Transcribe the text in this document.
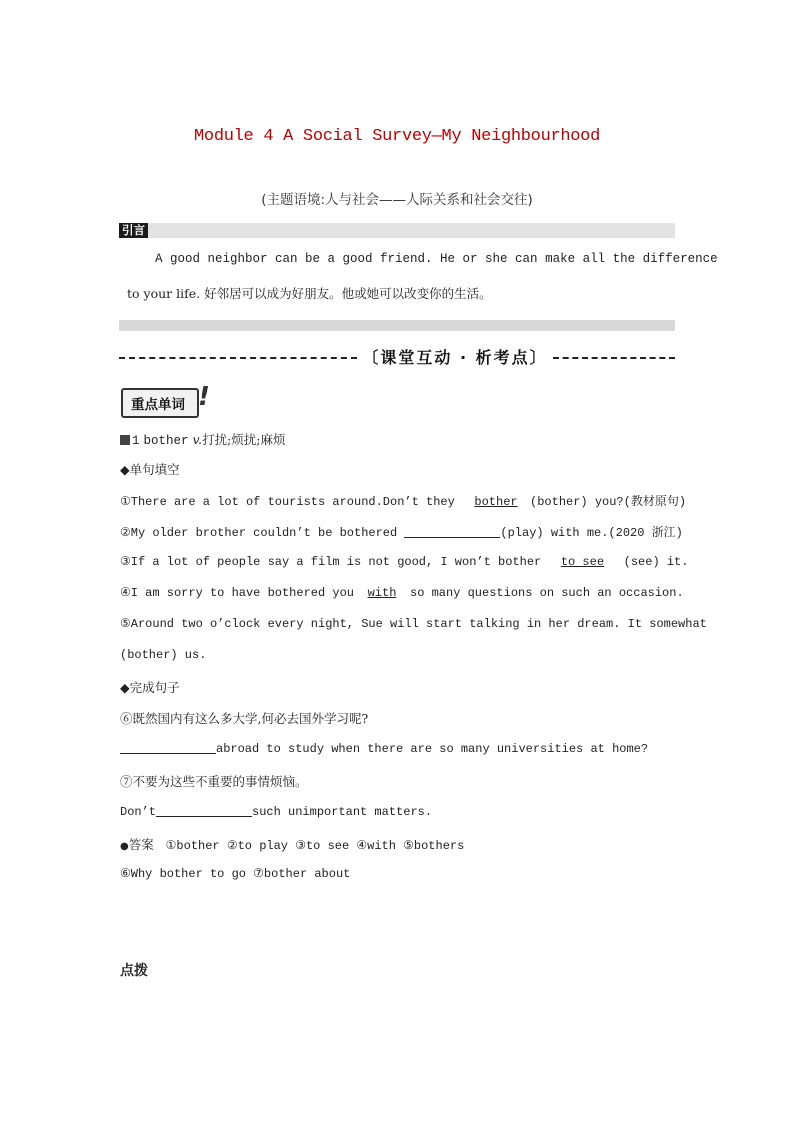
Module 4 A Social Survey—My Neighbourhood
(主题语境:人与社会——人际关系和社会交往)
引言
A good neighbor can be a good friend. He or she can make all the difference
to your life. 好邻居可以成为好朋友。他或她可以改变你的生活。
〔课堂互动 · 析考点〕
重点单词 !
1 bother v.打扰;烦扰;麻烦
◆单句填空
①There are a lot of tourists around.Don’t they bother (bother) you?(教材原句)
②My older brother couldn’t be bothered	(play) with me.(2020 浙江)
③If a lot of people say a film is not good, I won’t bother to see (see) it.
④I am sorry to have bothered you with so many questions on such an occasion.
⑤Around two o’clock every night, Sue will start talking in her dream. It somewhat
(bother) us.
◆完成句子
⑥既然国内有这么多大学,何必去国外学习呢?
abroad to study when there are so many universities at home?
⑦不要为这些不重要的事情烦恼。
Don’t	such unimportant matters.
●答案 ①bother ②to play ③to see ④with ⑤bothers
⑥Why bother to go ⑦bother about
点拨
